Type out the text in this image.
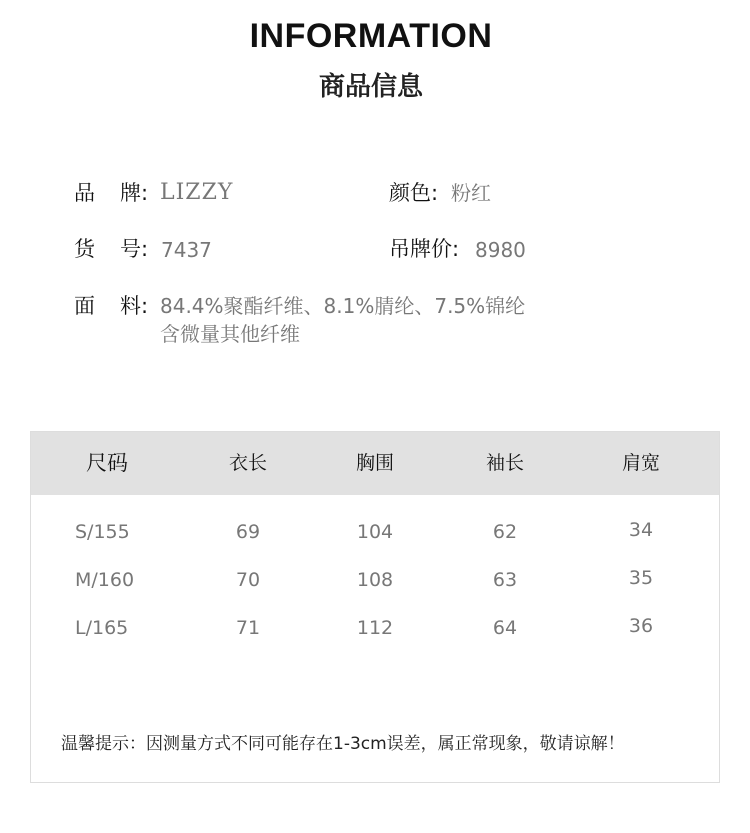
INFORMATION
商品信息
品 牌: LIZZY	颜色: 粉红
货 号: 7437	吊牌价: 8980
面 料: 84.4%聚酯纤维、8.1%腈纶、7.5%锦纶
含微量其他纤维
尺码	衣长	胸围	袖长	肩宽
S/155	69	104	62	34
M/160	70	108	63	35
L/165	71	112	64	36
温馨提示：因测量方式不同可能存在1-3cm误差，属正常现象，敬请谅解！
